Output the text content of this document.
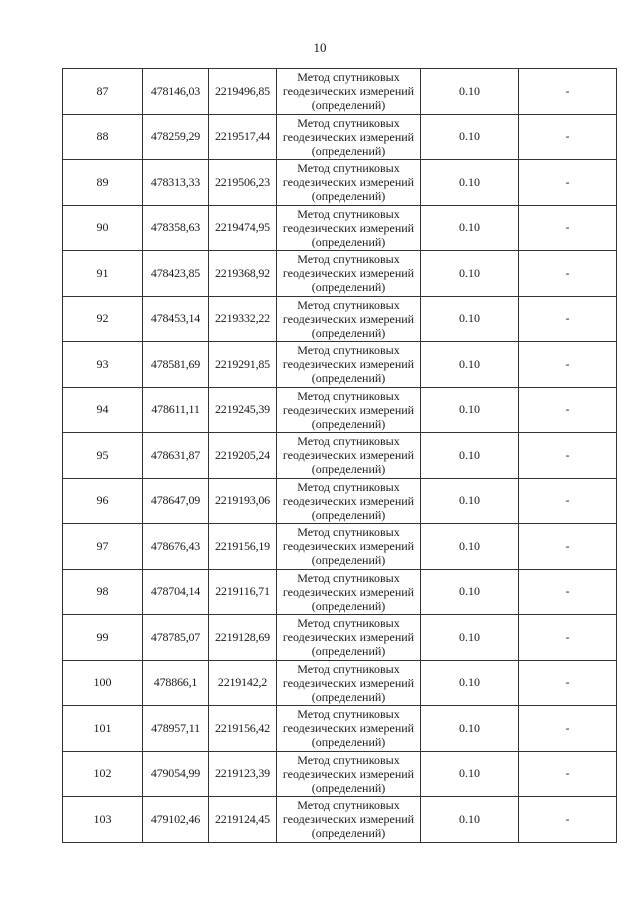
10
87	478146,03	2219496,85	Метод спутниковых
геодезических измерений
(определений)	0.10	-
88	478259,29	2219517,44	Метод спутниковых
геодезических измерений
(определений)	0.10	-
89	478313,33	2219506,23	Метод спутниковых
геодезических измерений
(определений)	0.10	-
90	478358,63	2219474,95	Метод спутниковых
геодезических измерений
(определений)	0.10	-
91	478423,85	2219368,92	Метод спутниковых
геодезических измерений
(определений)	0.10	-
92	478453,14	2219332,22	Метод спутниковых
геодезических измерений
(определений)	0.10	-
93	478581,69	2219291,85	Метод спутниковых
геодезических измерений
(определений)	0.10	-
94	478611,11	2219245,39	Метод спутниковых
геодезических измерений
(определений)	0.10	-
95	478631,87	2219205,24	Метод спутниковых
геодезических измерений
(определений)	0.10	-
96	478647,09	2219193,06	Метод спутниковых
геодезических измерений
(определений)	0.10	-
97	478676,43	2219156,19	Метод спутниковых
геодезических измерений
(определений)	0.10	-
98	478704,14	2219116,71	Метод спутниковых
геодезических измерений
(определений)	0.10	-
99	478785,07	2219128,69	Метод спутниковых
геодезических измерений
(определений)	0.10	-
100	478866,1	2219142,2	Метод спутниковых
геодезических измерений
(определений)	0.10	-
101	478957,11	2219156,42	Метод спутниковых
геодезических измерений
(определений)	0.10	-
102	479054,99	2219123,39	Метод спутниковых
геодезических измерений
(определений)	0.10	-
103	479102,46	2219124,45	Метод спутниковых
геодезических измерений
(определений)	0.10	-
